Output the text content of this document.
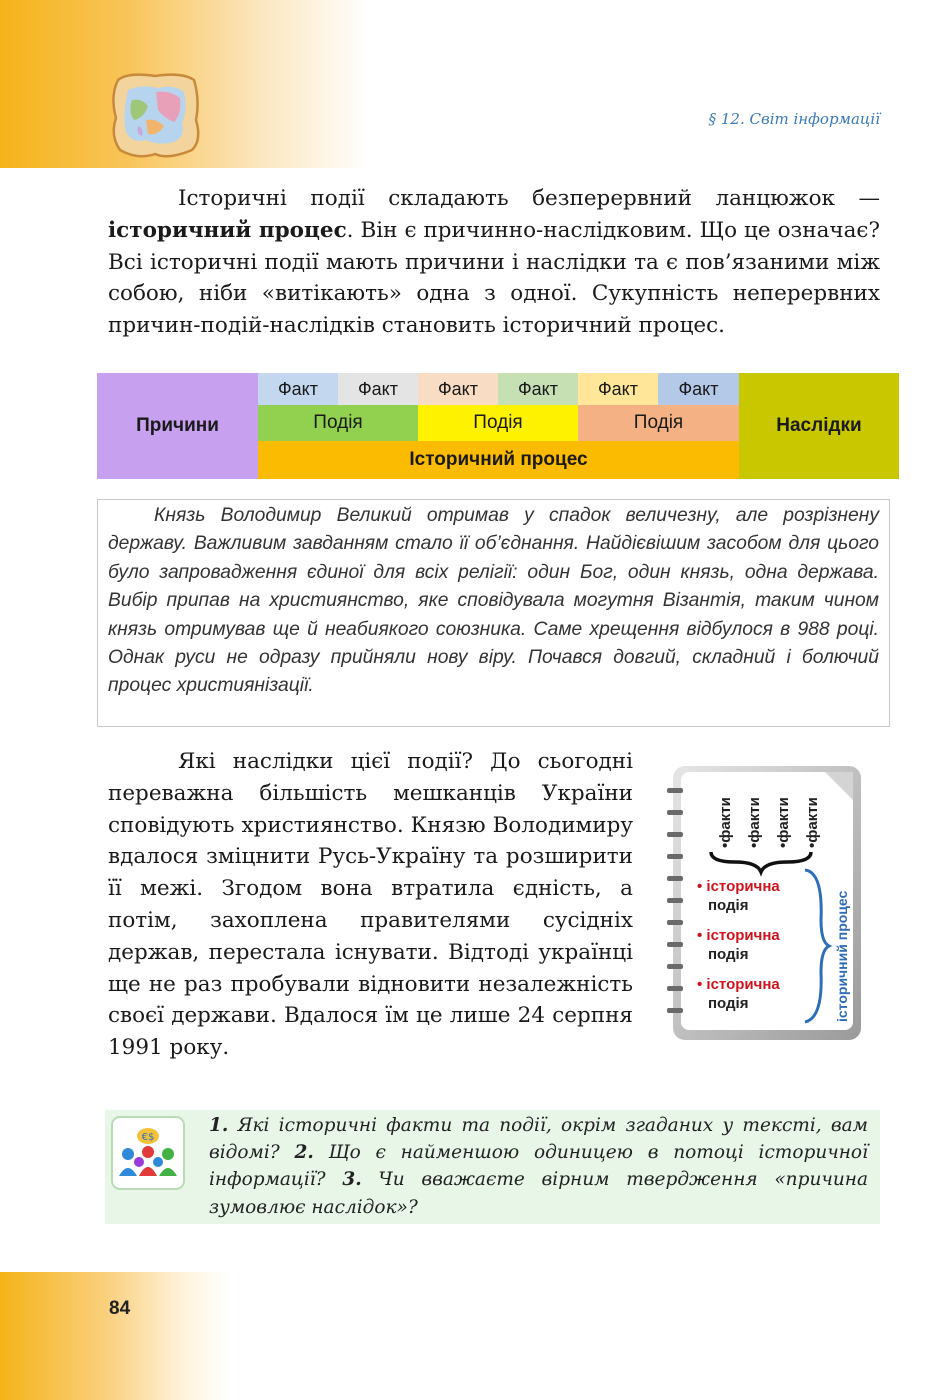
§ 12. Світ інформації
Історичні події складають безперервний ланцюжок — історичний процес. Він є причинно-наслідковим. Що це означає? Всі історичні події мають причини і наслідки та є пов’язаними між собою, ніби «витікають» одна з одної. Сукупність неперервних причин-подій-наслідків становить історичний процес.
Причини
Факт	Факт	Факт	Факт	Факт	Факт
Подія	Подія	Подія
Історичний процес
Наслідки
Князь Володимир Великий отримав у спадок величезну, але розрізнену державу. Важливим завданням стало її об’єднання. Найдієвішим засобом для цього було запровадження єдиної для всіх релігії: один Бог, один князь, одна держава. Вибір припав на християнство, яке сповідувала могутня Візантія, таким чином князь отримував ще й неабиякого союзника. Саме хрещення відбулося в 988 році. Однак руси не одразу прийняли нову віру. Почався довгий, складний і болючий процес християнізації.
Які наслідки цієї події? До сьогодні переважна більшість мешканців України сповідують християнство. Князю Володимиру вдалося зміцнити Русь-Україну та розширити її межі. Згодом вона втратила єдність, а потім, захоплена правителями сусідніх держав, перестала існувати. Відтоді українці ще не раз пробували відновити незалежність своєї держави. Вдалося їм це лише 24 серпня 1991 року.
•факти •факти •факти •факти
• історична
подія
• історична
подія
• історична
подія	історичний процес
€$
1. Які історичні факти та події, окрім згаданих у тексті, вам відомі? 2. Що є найменшою одиницею в потоці історичної інформації? 3. Чи вважаєте вірним твердження «причина зумовлює наслідок»?
84
